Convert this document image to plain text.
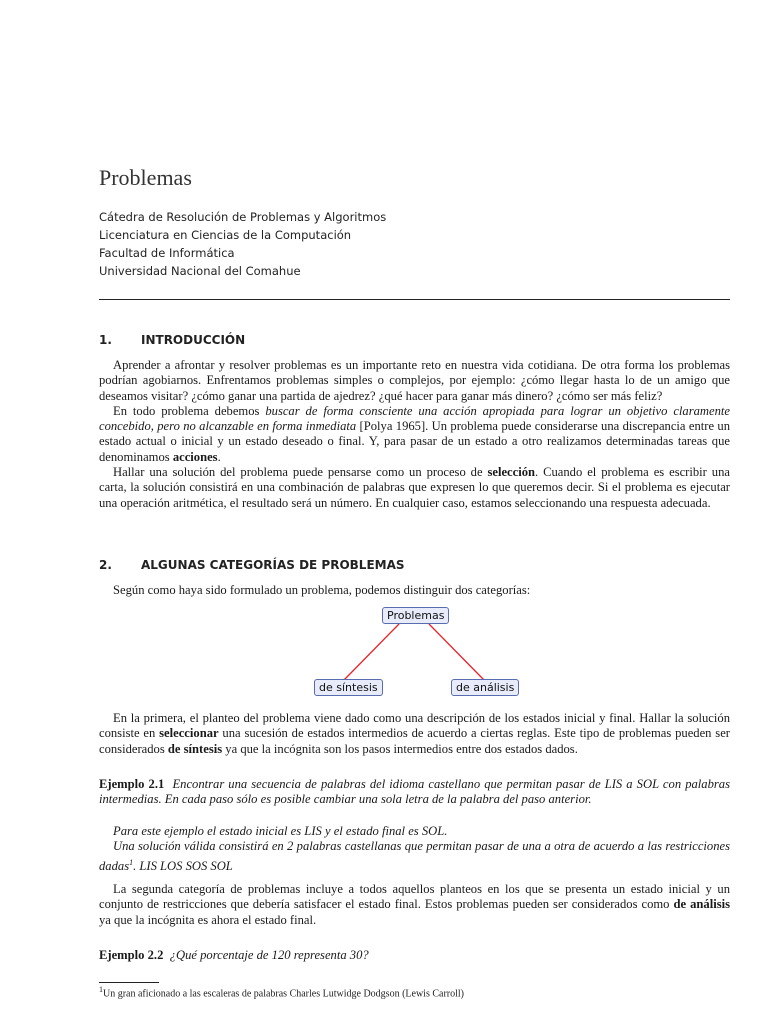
Problemas
Cátedra de Resolución de Problemas y Algoritmos
Licenciatura en Ciencias de la Computación
Facultad de Informática
Universidad Nacional del Comahue
1. INTRODUCCIÓN

Aprender a afrontar y resolver problemas es un importante reto en nuestra vida cotidiana. De otra forma los problemas podrían agobiarnos. Enfrentamos problemas simples o complejos, por ejemplo: ¿cómo llegar hasta lo de un amigo que deseamos visitar? ¿cómo ganar una partida de ajedrez? ¿qué hacer para ganar más dinero? ¿cómo ser más feliz?

En todo problema debemos buscar de forma consciente una acción apropiada para lograr un objetivo claramente concebido, pero no alcanzable en forma inmediata [Polya 1965]. Un problema puede considerarse una discrepancia entre un estado actual o inicial y un estado deseado o final. Y, para pasar de un estado a otro realizamos determinadas tareas que denominamos acciones.

Hallar una solución del problema puede pensarse como un proceso de selección. Cuando el problema es escribir una carta, la solución consistirá en una combinación de palabras que expresen lo que queremos decir. Si el problema es ejecutar una operación aritmética, el resultado será un número. En cualquier caso, estamos seleccionando una respuesta adecuada.

2. ALGUNAS CATEGORÍAS DE PROBLEMAS

Según como haya sido formulado un problema, podemos distinguir dos categorías:

Problemas
de síntesis	de análisis

En la primera, el planteo del problema viene dado como una descripción de los estados inicial y final. Hallar la solución consiste en seleccionar una sucesión de estados intermedios de acuerdo a ciertas reglas. Este tipo de problemas pueden ser considerados de síntesis ya que la incógnita son los pasos intermedios entre dos estados dados.

Ejemplo 2.1 Encontrar una secuencia de palabras del idioma castellano que permitan pasar de LIS a SOL con palabras intermedias. En cada paso sólo es posible cambiar una sola letra de la palabra del paso anterior.

Para este ejemplo el estado inicial es LIS y el estado final es SOL.

Una solución válida consistirá en 2 palabras castellanas que permitan pasar de una a otra de acuerdo a las restricciones dadas$^1$. LIS LOS SOS SOL

La segunda categoría de problemas incluye a todos aquellos planteos en los que se presenta un estado inicial y un conjunto de restricciones que debería satisfacer el estado final. Estos problemas pueden ser considerados como de análisis ya que la incógnita es ahora el estado final.

Ejemplo 2.2 ¿Qué porcentaje de 120 representa 30?

$^1$Un gran aficionado a las escaleras de palabras Charles Lutwidge Dodgson (Lewis Carroll)
